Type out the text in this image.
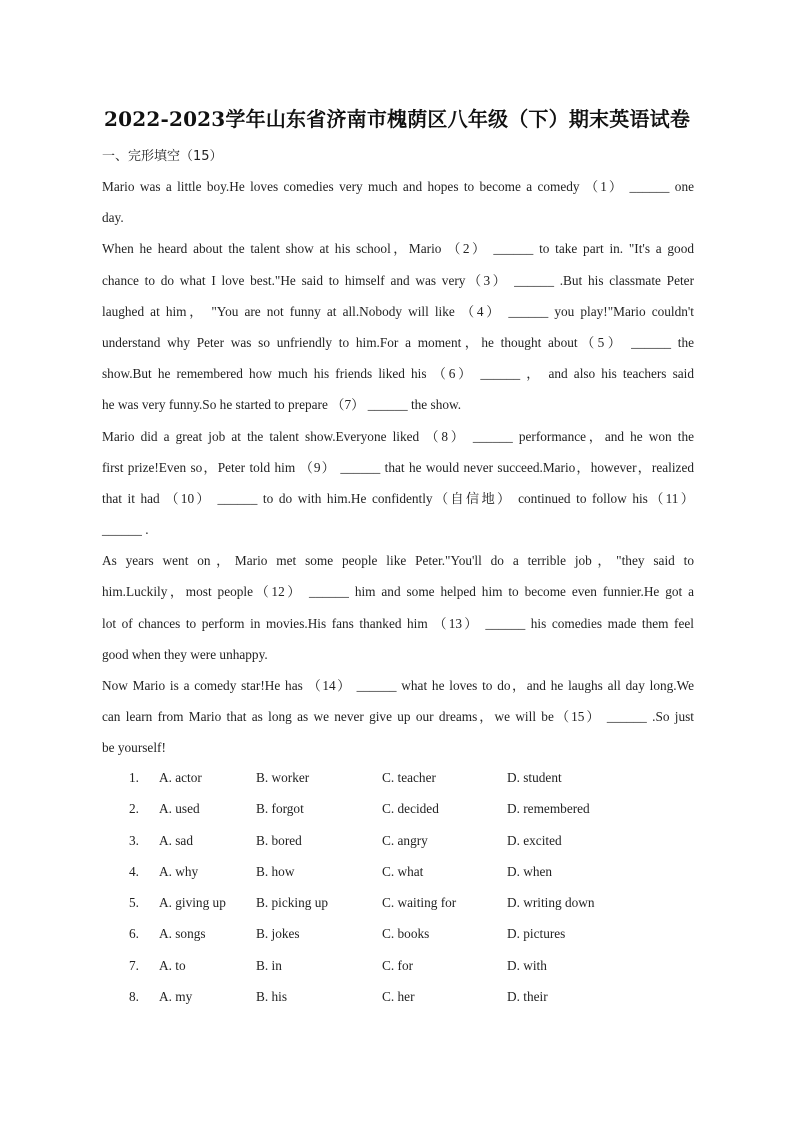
2022-2023学年山东省济南市槐荫区八年级（下）期末英语试卷
一、完形填空（15）
Mario was a little boy.He loves comedies very much and hopes to become a comedy （1） ______ one
day.
When he heard about the talent show at his school，Mario （2） ______ to take part in. "It's a good
chance to do what I love best."He said to himself and was very（3） ______ .But his classmate Peter
laughed at him， "You are not funny at all.Nobody will like （4） ______ you play!"Mario couldn't
understand why Peter was so unfriendly to him.For a moment，he thought about（5） ______ the
show.But he remembered how much his friends liked his （6） ______ ， and also his teachers said
he was very funny.So he started to prepare （7） ______ the show.
Mario did a great job at the talent show.Everyone liked （8） ______ performance，and he won the
first prize!Even so，Peter told him （9） ______ that he would never succeed.Mario，however，realized
that it had （10） ______ to do with him.He confidently（自信地） continued to follow his（11）
______ .
As years went on，Mario met some people like Peter."You'll do a terrible job，"they said to
him.Luckily，most people（12） ______ him and some helped him to become even funnier.He got a
lot of chances to perform in movies.His fans thanked him （13） ______ his comedies made them feel
good when they were unhappy.
Now Mario is a comedy star!He has （14） ______ what he loves to do，and he laughs all day long.We
can learn from Mario that as long as we never give up our dreams，we will be（15） ______ .So just
be yourself!
1. A. actor	B. worker	C. teacher	D. student
2. A. used	B. forgot	C. decided	D. remembered
3. A. sad	B. bored	C. angry	D. excited
4. A. why	B. how	C. what	D. when
5. A. giving up B. picking up	C. waiting for	D. writing down
6. A. songs	B. jokes	C. books	D. pictures
7. A. to	B. in	C. for	D. with
8. A. my	B. his	C. her	D. their
